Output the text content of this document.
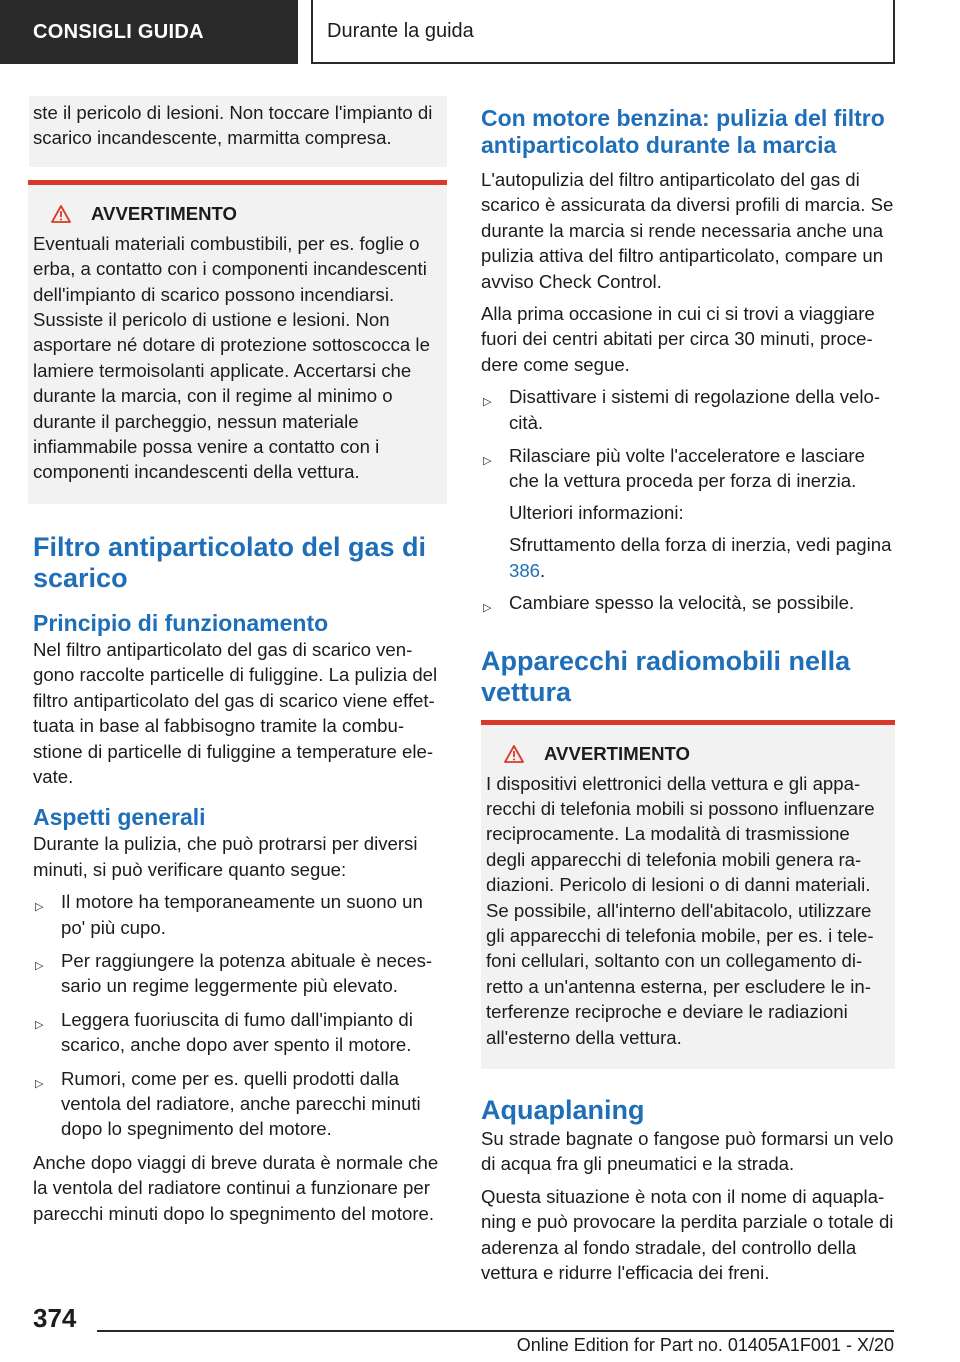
CONSIGLI GUIDA	Durante la guida

ste il pericolo di lesioni. Non toccare l'impianto di scarico incandescente, marmitta compresa.

AVVERTIMENTO

Eventuali materiali combustibili, per es. foglie o erba, a contatto con i componenti incandescenti dell'impianto di scarico possono incendiarsi. Sussiste il pericolo di ustione e lesioni. Non asportare né dotare di protezione sottoscocca le lamiere termoisolanti applicate. Accertarsi che durante la marcia, con il regime al minimo o durante il parcheggio, nessun materiale infiammabile possa venire a contatto con i componenti incandescenti della vettura.

Filtro antiparticolato del gas di scarico
Principio di funzionamento

Nel filtro antiparticolato del gas di scarico vengono raccolte particelle di fuliggine. La pulizia del filtro antiparticolato del gas di scarico viene effettuata in base al fabbisogno tramite la combustione di particelle di fuliggine a temperature elevate.

Aspetti generali

Durante la pulizia, che può protrarsi per diversi minuti, si può verificare quanto segue:

▷ Il motore ha temporaneamente un suono un po' più cupo.
▷ Per raggiungere la potenza abituale è necessario un regime leggermente più elevato.
▷ Leggera fuoriuscita di fumo dall'impianto di scarico, anche dopo aver spento il motore.
▷ Rumori, come per es. quelli prodotti dalla ventola del radiatore, anche parecchi minuti dopo lo spegnimento del motore.

Anche dopo viaggi di breve durata è normale che la ventola del radiatore continui a funzionare per parecchi minuti dopo lo spegnimento del motore.

Con motore benzina: pulizia del filtro antiparticolato durante la marcia

L'autopulizia del filtro antiparticolato del gas di scarico è assicurata da diversi profili di marcia. Se durante la marcia si rende necessaria anche una pulizia attiva del filtro antiparticolato, compare un avviso Check Control.

Alla prima occasione in cui ci si trovi a viaggiare fuori dei centri abitati per circa 30 minuti, procedere come segue.

▷ Disattivare i sistemi di regolazione della velocità.
▷ Rilasciare più volte l'acceleratore e lasciare che la vettura proceda per forza di inerzia.

Ulteriori informazioni:

Sfruttamento della forza di inerzia, vedi pagina 386.

▷ Cambiare spesso la velocità, se possibile.
Apparecchi radiomobili nella vettura
AVVERTIMENTO

I dispositivi elettronici della vettura e gli apparecchi di telefonia mobili si possono influenzare reciprocamente. La modalità di trasmissione degli apparecchi di telefonia mobili genera radiazioni. Pericolo di lesioni o di danni materiali. Se possibile, all'interno dell'abitacolo, utilizzare gli apparecchi di telefonia mobile, per es. i telefoni cellulari, soltanto con un collegamento diretto a un'antenna esterna, per escludere le interferenze reciproche e deviare le radiazioni all'esterno della vettura.

Aquaplaning

Su strade bagnate o fangose può formarsi un velo di acqua fra gli pneumatici e la strada.

Questa situazione è nota con il nome di aquaplaning e può provocare la perdita parziale o totale di aderenza al fondo stradale, del controllo della vettura e ridurre l'efficacia dei freni.

374
Online Edition for Part no. 01405A1F001 - X/20
